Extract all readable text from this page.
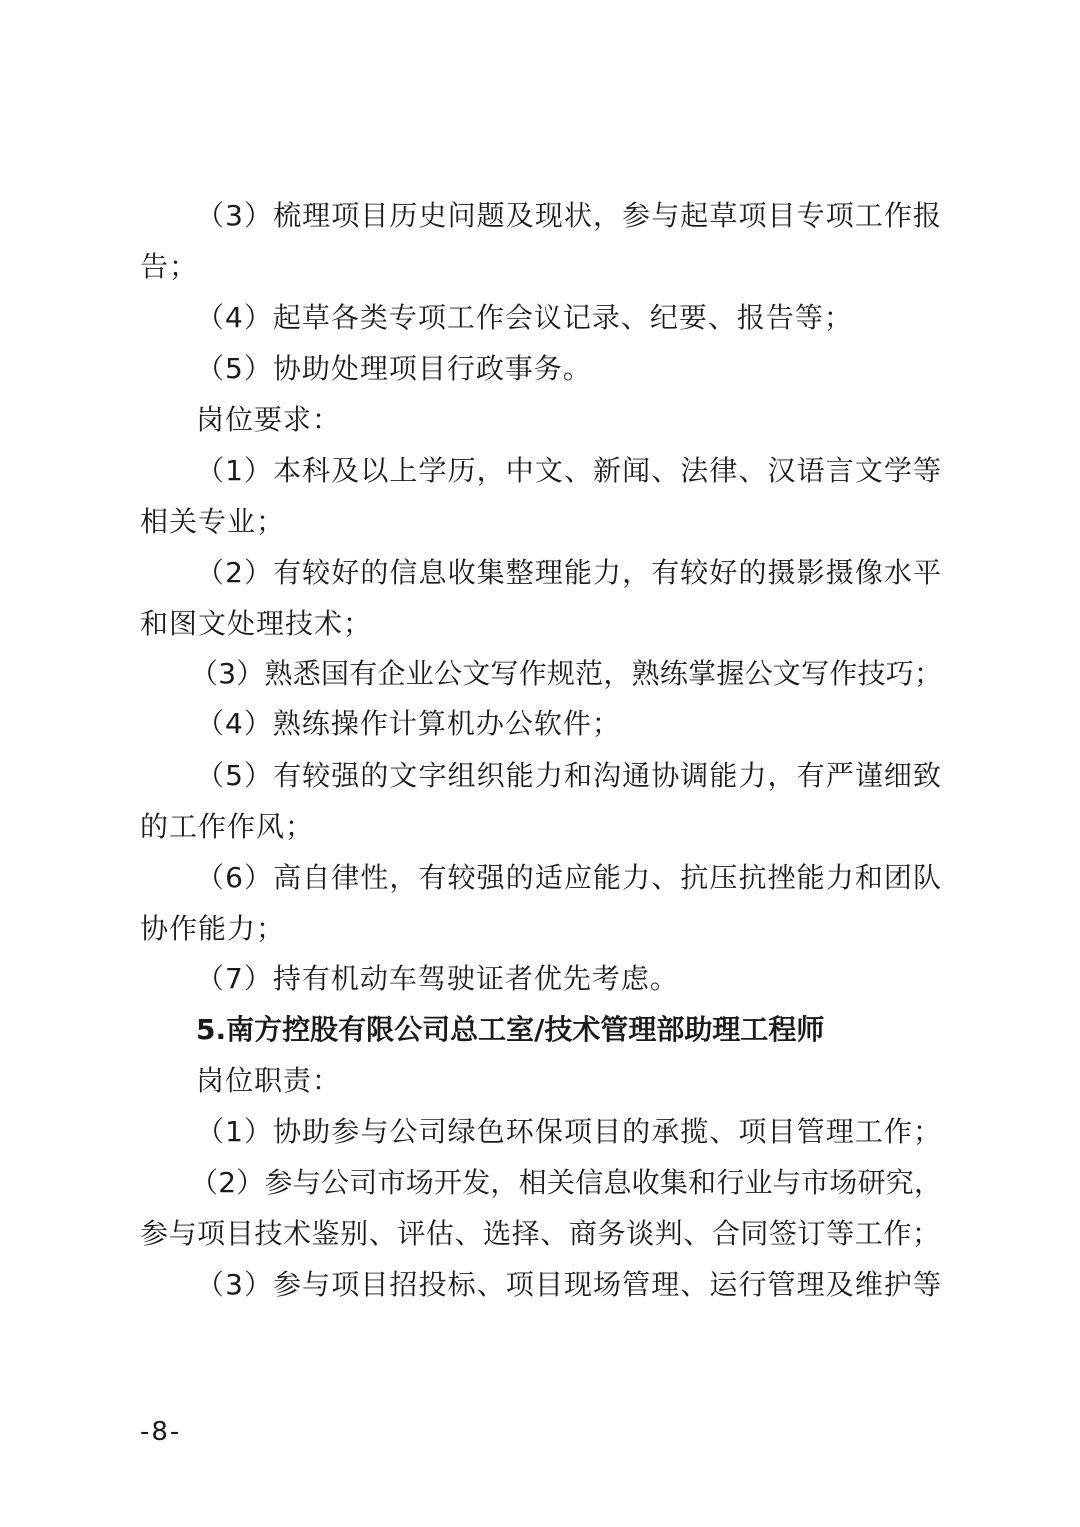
（3）梳理项目历史问题及现状，参与起草项目专项工作报
告；
（4）起草各类专项工作会议记录、纪要、报告等；
（5）协助处理项目行政事务。
岗位要求：
（1）本科及以上学历，中文、新闻、法律、汉语言文学等
相关专业；
（2）有较好的信息收集整理能力，有较好的摄影摄像水平
和图文处理技术；
（3）熟悉国有企业公文写作规范，熟练掌握公文写作技巧；
（4）熟练操作计算机办公软件；
（5）有较强的文字组织能力和沟通协调能力，有严谨细致
的工作作风；
（6）高自律性，有较强的适应能力、抗压抗挫能力和团队
协作能力；
（7）持有机动车驾驶证者优先考虑。
5.南方控股有限公司总工室/技术管理部助理工程师
岗位职责：
（1）协助参与公司绿色环保项目的承揽、项目管理工作；
（2）参与公司市场开发，相关信息收集和行业与市场研究，
参与项目技术鉴别、评估、选择、商务谈判、合同签订等工作；
（3）参与项目招投标、项目现场管理、运行管理及维护等
-8-
